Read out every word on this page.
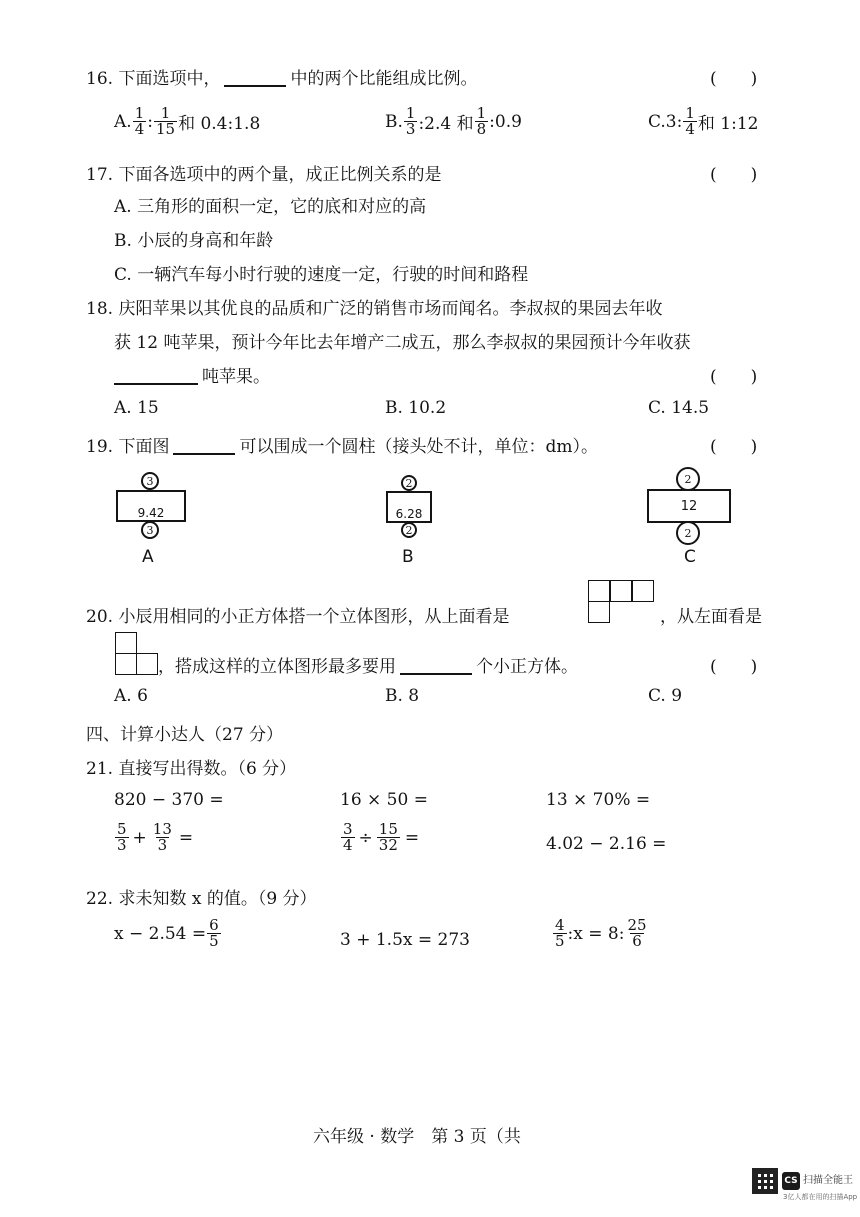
16. 下面选项中，	中的两个比能组成比例。	(　　)
A. $\frac{1}{4}$ : $\frac{1}{15}$ 和 0.4:1.8	B. $\frac{1}{3}$ :2.4 和 $\frac{1}{8}$ :0.9	C.3: $\frac{1}{4}$ 和 1:12
17. 下面各选项中的两个量，成正比例关系的是	(　　)
A. 三角形的面积一定，它的底和对应的高
B. 小辰的身高和年龄
C. 一辆汽车每小时行驶的速度一定，行驶的时间和路程
18. 庆阳苹果以其优良的品质和广泛的销售市场而闻名。李叔叔的果园去年收
获 12 吨苹果，预计今年比去年增产二成五，那么李叔叔的果园预计今年收获
吨苹果。	(　　)
A. 15	B. 10.2	C. 14.5
19. 下面图	可以围成一个圆柱（接头处不计，单位：dm）。	(　　)
3
9.42
3
A
2
6.28
2
B
2
12
2
C
20. 小辰用相同的小正方体搭一个立体图形，从上面看是	，从左面看是
，搭成这样的立体图形最多要用	个小正方体。	(　　)
A. 6	B. 8	C. 9
四、计算小达人（27 分）
21. 直接写出得数。（6 分）
820 − 370 =	16 × 50 =	13 × 70% =
$\frac{5}{3} + \frac{13}{3}$ =	$\frac{3}{4} \div \frac{15}{32}$ =	4.02 − 2.16 =
22. 求未知数 x 的值。（9 分）
$x - 2.54 = \frac{6}{5}$	3 + 1.5x = 273	$\frac{4}{5}$ :x = 8: $\frac{25}{6}$
六年级 · 数学　第 3 页（共
CS 扫描全能王
3亿人都在用的扫描App
